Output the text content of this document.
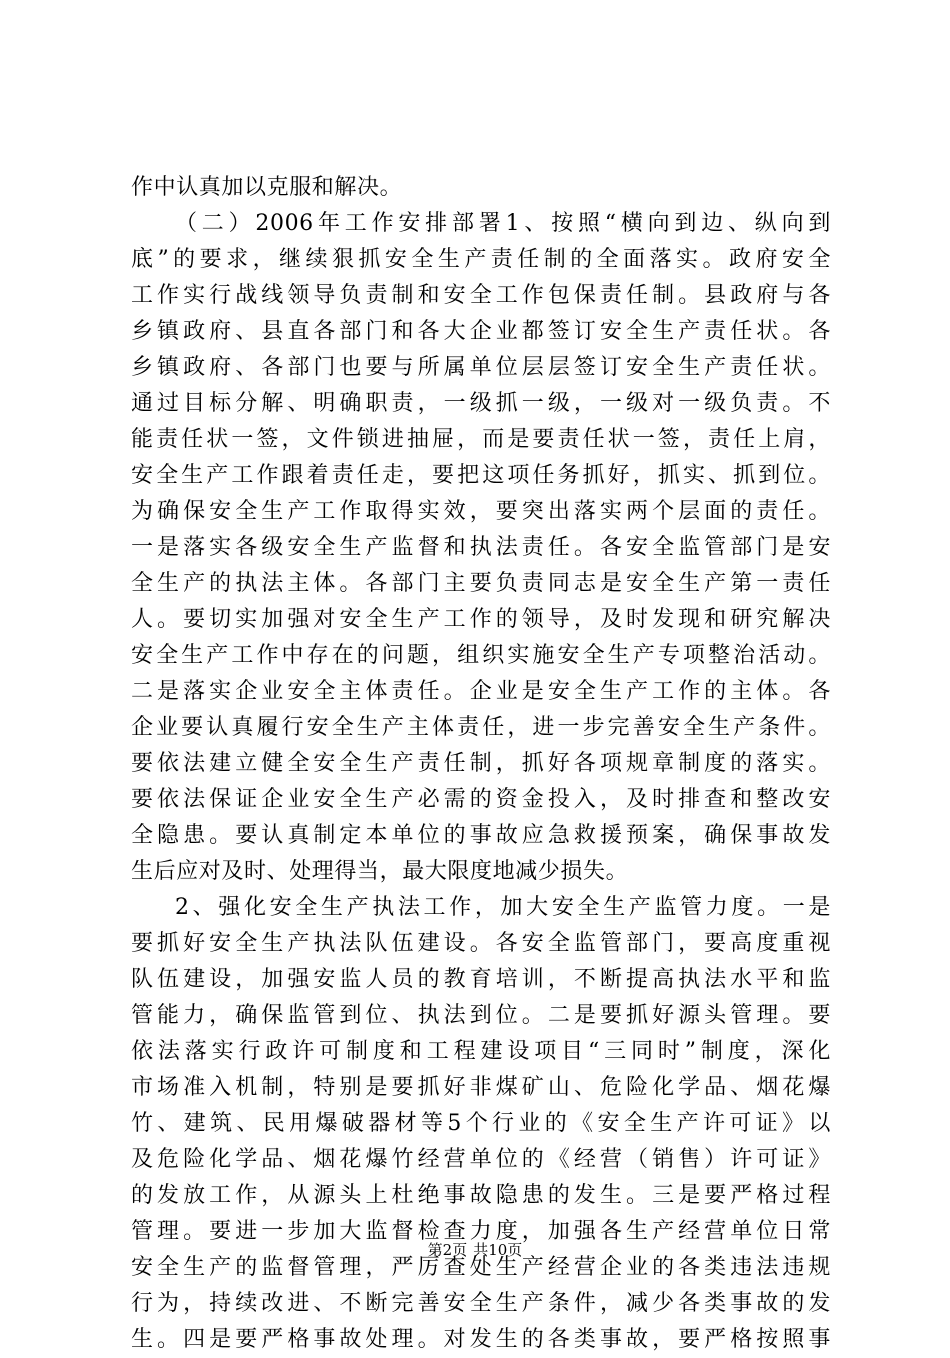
作中认真加以克服和解决。
（二）2006年工作安排部署1、按照“横向到边、纵向到
底”的要求，继续狠抓安全生产责任制的全面落实。政府安全
工作实行战线领导负责制和安全工作包保责任制。县政府与各
乡镇政府、县直各部门和各大企业都签订安全生产责任状。各
乡镇政府、各部门也要与所属单位层层签订安全生产责任状。
通过目标分解、明确职责，一级抓一级，一级对一级负责。不
能责任状一签，文件锁进抽屉，而是要责任状一签，责任上肩，
安全生产工作跟着责任走，要把这项任务抓好，抓实、抓到位。
为确保安全生产工作取得实效，要突出落实两个层面的责任。
一是落实各级安全生产监督和执法责任。各安全监管部门是安
全生产的执法主体。各部门主要负责同志是安全生产第一责任
人。要切实加强对安全生产工作的领导，及时发现和研究解决
安全生产工作中存在的问题，组织实施安全生产专项整治活动。
二是落实企业安全主体责任。企业是安全生产工作的主体。各
企业要认真履行安全生产主体责任，进一步完善安全生产条件。
要依法建立健全安全生产责任制，抓好各项规章制度的落实。
要依法保证企业安全生产必需的资金投入，及时排查和整改安
全隐患。要认真制定本单位的事故应急救援预案，确保事故发
生后应对及时、处理得当，最大限度地减少损失。
2、强化安全生产执法工作，加大安全生产监管力度。一是
要抓好安全生产执法队伍建设。各安全监管部门，要高度重视
队伍建设，加强安监人员的教育培训，不断提高执法水平和监
管能力，确保监管到位、执法到位。二是要抓好源头管理。要
依法落实行政许可制度和工程建设项目“三同时”制度，深化
市场准入机制，特别是要抓好非煤矿山、危险化学品、烟花爆
竹、建筑、民用爆破器材等5个行业的《安全生产许可证》以
及危险化学品、烟花爆竹经营单位的《经营（销售）许可证》
的发放工作，从源头上杜绝事故隐患的发生。三是要严格过程
管理。要进一步加大监督检查力度，加强各生产经营单位日常
安全生产的监督管理，严厉查处生产经营企业的各类违法违规
行为，持续改进、不断完善安全生产条件，减少各类事故的发
生。四是要严格事故处理。对发生的各类事故，要严格按照事
第2页 共10页
